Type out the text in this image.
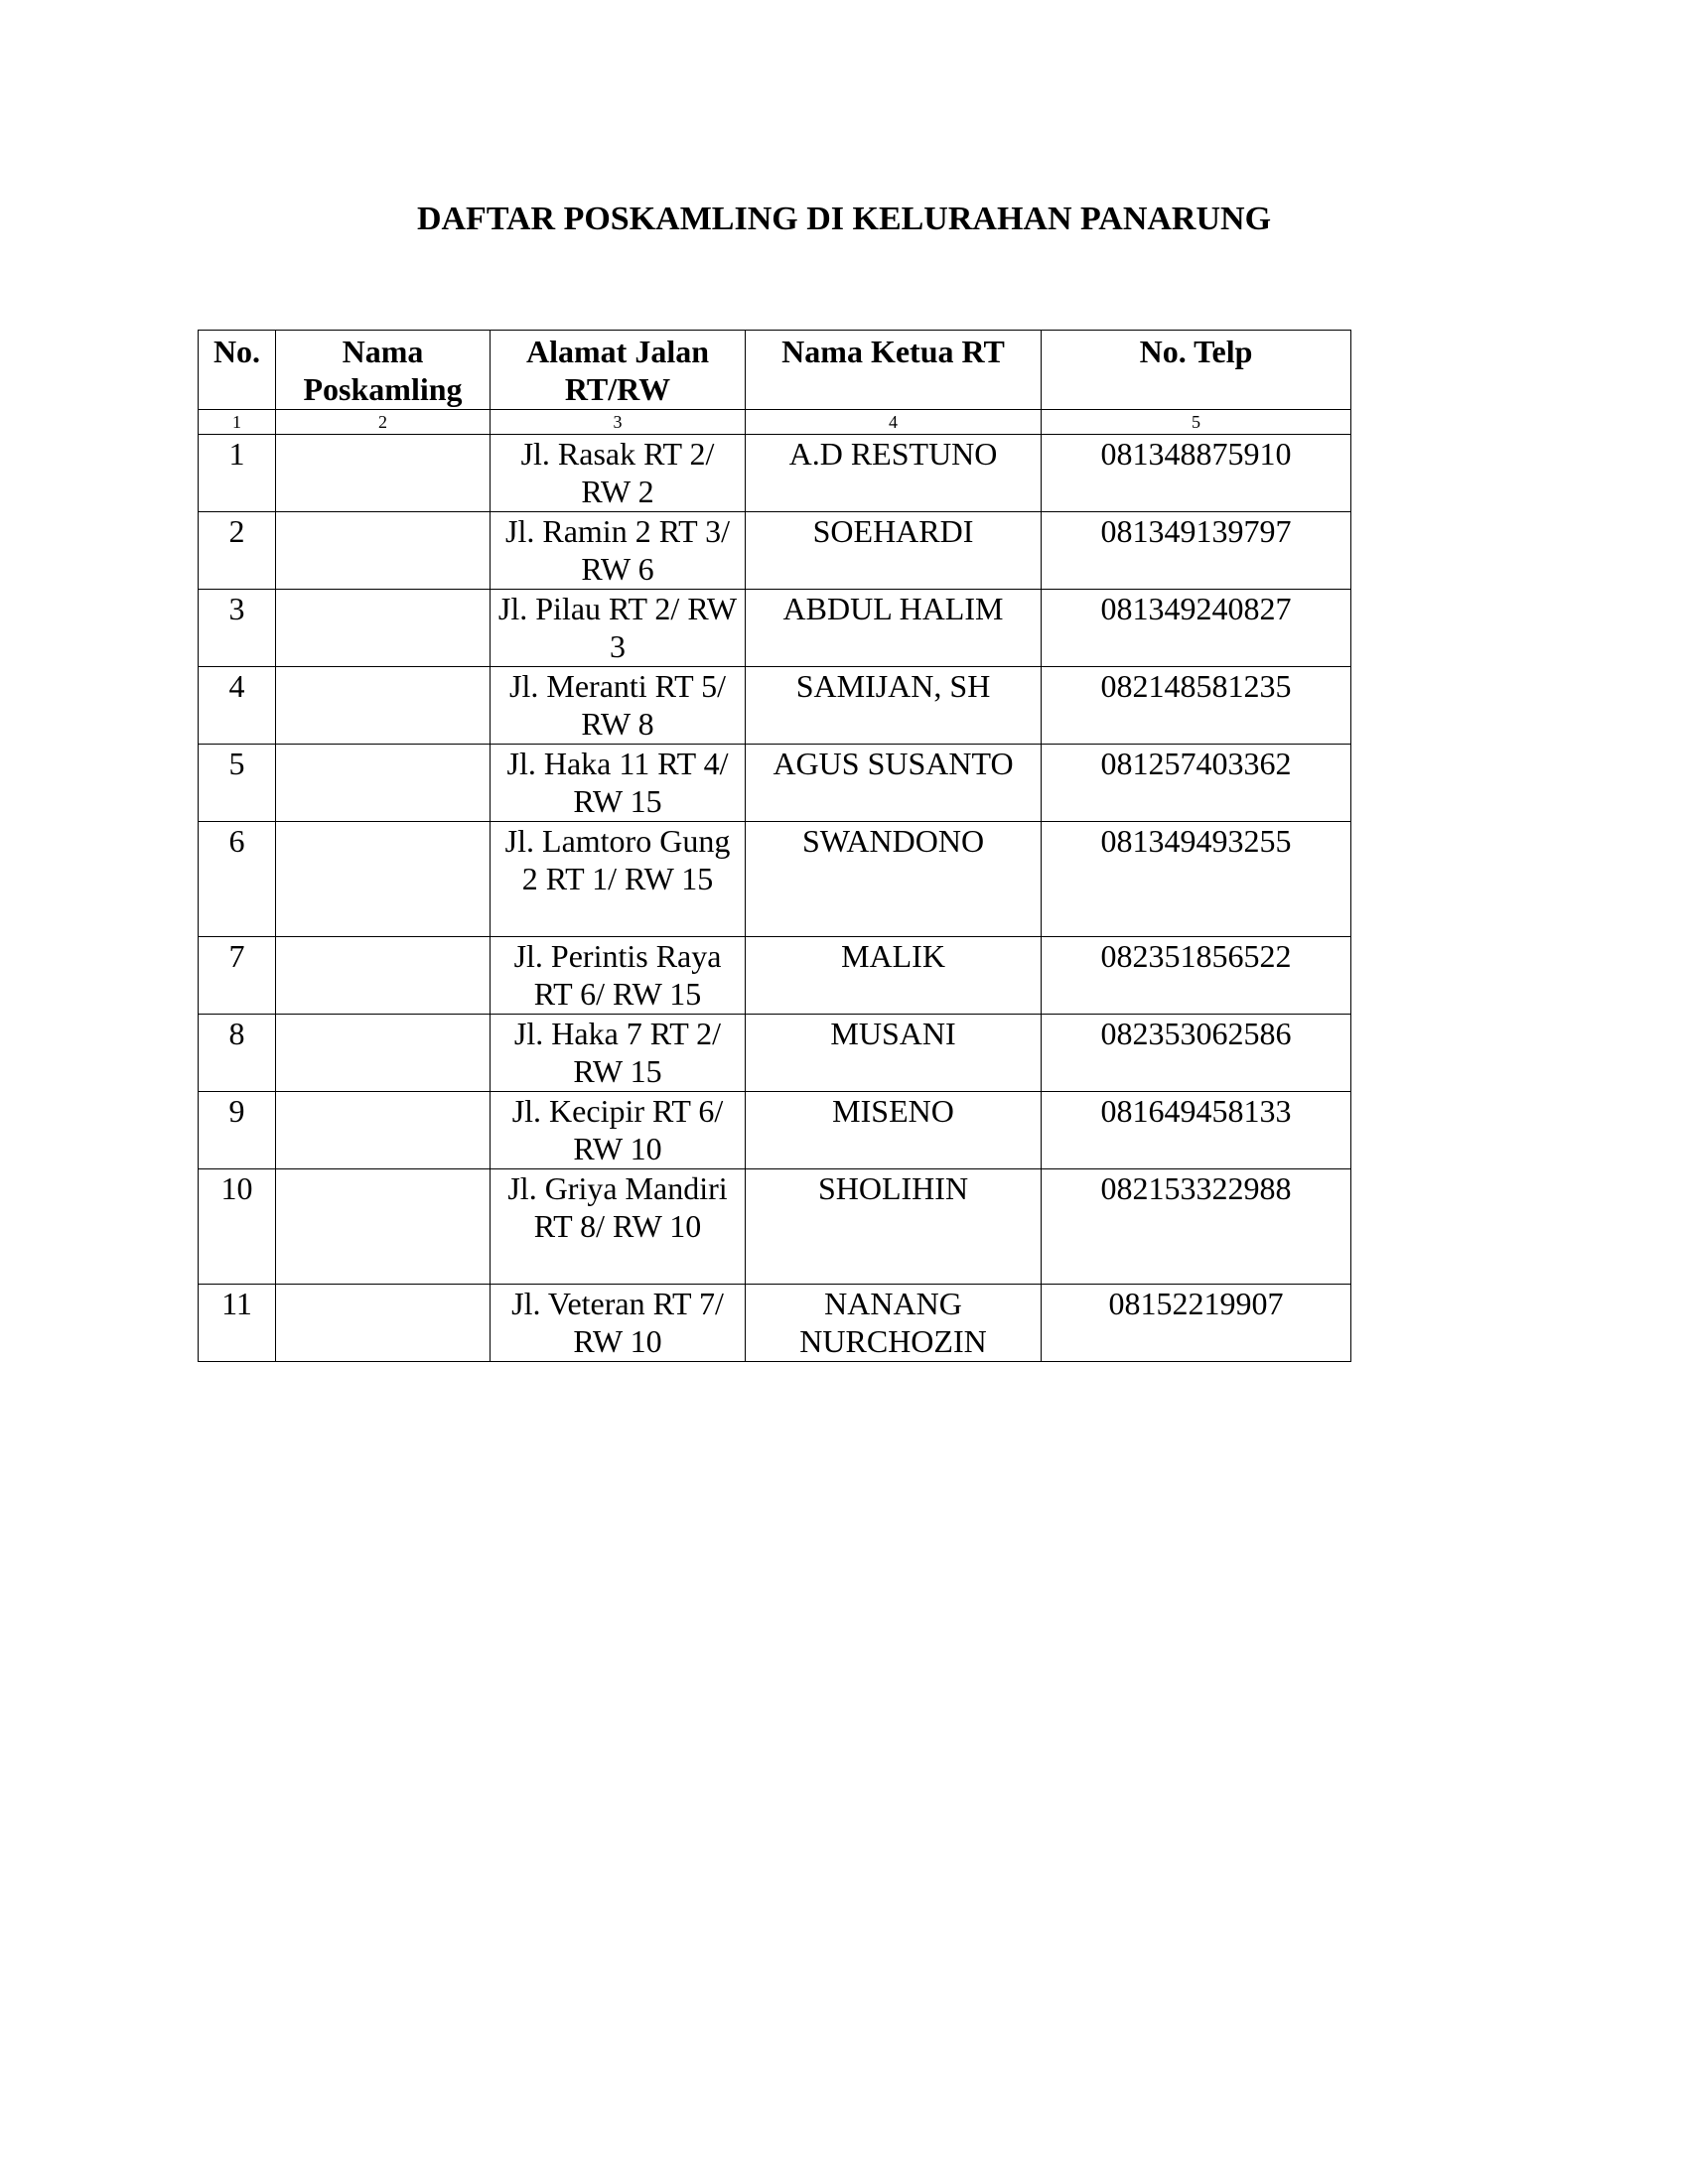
DAFTAR POSKAMLING DI KELURAHAN PANARUNG
No.	Nama Poskamling	Alamat Jalan RT/RW	Nama Ketua RT	No. Telp
1	2	3	4	5
1		Jl. Rasak RT 2/ RW 2	A.D RESTUNO	081348875910
2		Jl. Ramin 2 RT 3/ RW 6	SOEHARDI	081349139797
3		Jl. Pilau RT 2/ RW 3	ABDUL HALIM	081349240827
4		Jl. Meranti RT 5/ RW 8	SAMIJAN, SH	082148581235
5		Jl. Haka 11 RT 4/ RW 15	AGUS SUSANTO	081257403362
6		Jl. Lamtoro Gung 2 RT 1/ RW 15	SWANDONO	081349493255
7		Jl. Perintis Raya RT 6/ RW 15	MALIK	082351856522
8		Jl. Haka 7 RT 2/ RW 15	MUSANI	082353062586
9		Jl. Kecipir RT 6/ RW 10	MISENO	081649458133
10		Jl. Griya Mandiri RT 8/ RW 10	SHOLIHIN	082153322988
11		Jl. Veteran RT 7/ RW 10	NANANG NURCHOZIN	08152219907
